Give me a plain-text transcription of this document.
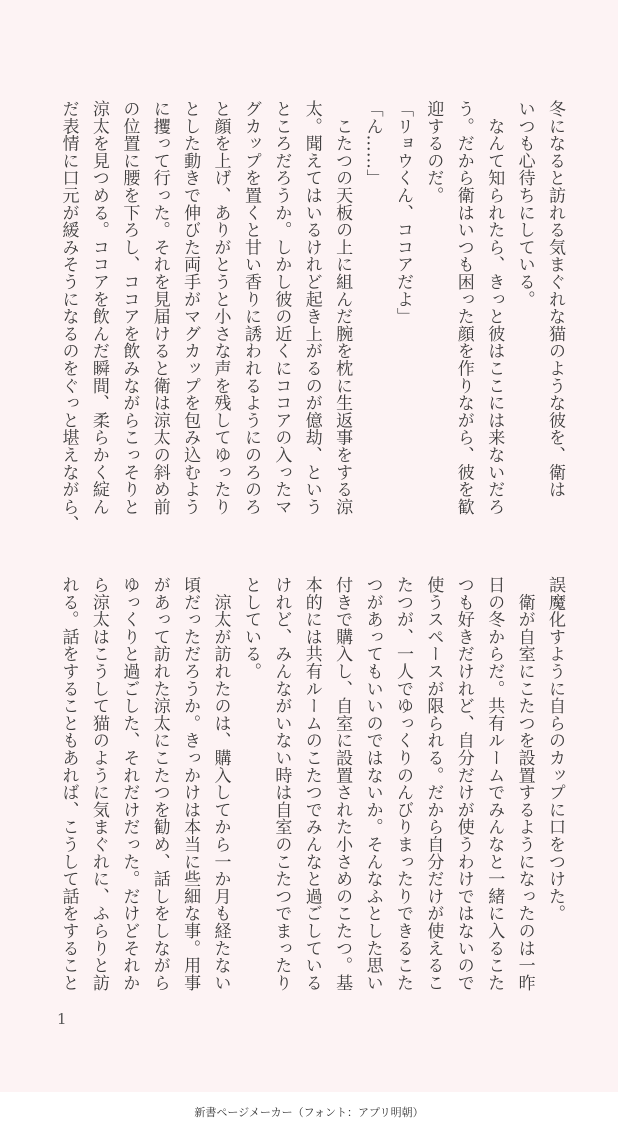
冬になると訪れる気まぐれな猫のような彼を、衛は
いつも心待ちにしている。
　なんて知られたら、きっと彼はここには来ないだろ
う。だから衛はいつも困った顔を作りながら、彼を歓
迎するのだ。
「リョウくん、ココアだよ」
「ん……」
　こたつの天板の上に組んだ腕を枕に生返事をする涼
太。聞えてはいるけれど起き上がるのが億劫、という
ところだろうか。しかし彼の近くにココアの入ったマ
グカップを置くと甘い香りに誘われるようにのろのろ
と顔を上げ、ありがとうと小さな声を残してゆったり
とした動きで伸びた両手がマグカップを包み込むよう
に攫って行った。それを見届けると衛は涼太の斜め前
の位置に腰を下ろし、ココアを飲みながらこっそりと
涼太を見つめる。ココアを飲んだ瞬間、柔らかく綻ん
だ表情に口元が緩みそうになるのをぐっと堪えながら、
誤魔化すように自らのカップに口をつけた。
　衛が自室にこたつを設置するようになったのは一昨
日の冬からだ。共有ルームでみんなと一緒に入るこた
つも好きだけれど、自分だけが使うわけではないので
使うスペースが限られる。だから自分だけが使えるこ
たつが、一人でゆっくりのんびりまったりできるこた
つがあってもいいのではないか。そんなふとした思い
付きで購入し、自室に設置された小さめのこたつ。基
本的には共有ルームのこたつでみんなと過ごしている
けれど、みんながいない時は自室のこたつでまったり
としている。
　涼太が訪れたのは、購入してから一か月も経たない
頃だっただろうか。きっかけは本当に些細な事。用事
があって訪れた涼太にこたつを勧め、話しをしながら
ゆっくりと過ごした、それだけだった。だけどそれか
ら涼太はこうして猫のように気まぐれに、ふらりと訪
れる。話をすることもあれば、こうして話をすること
1
新書ページメーカー（フォント：アプリ明朝）
